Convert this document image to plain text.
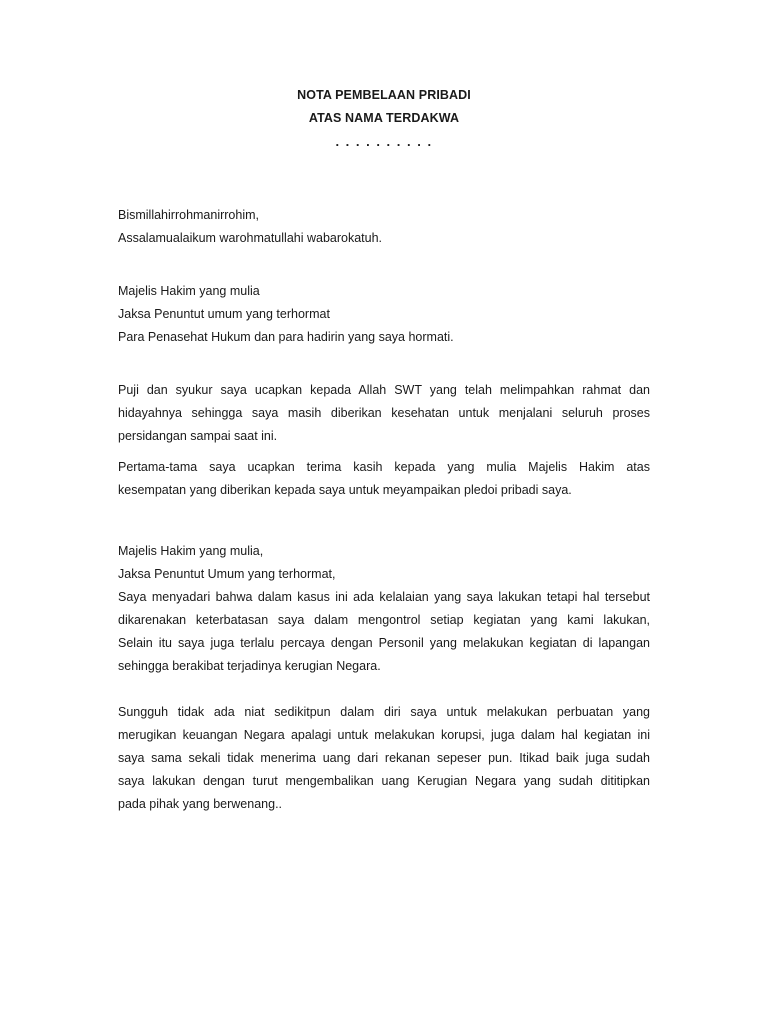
NOTA PEMBELAAN PRIBADI
ATAS NAMA TERDAKWA
. . . . . . . . . .
Bismillahirrohmanirrohim,
Assalamualaikum warohmatullahi wabarokatuh.
Majelis Hakim yang mulia
Jaksa Penuntut umum yang terhormat
Para Penasehat Hukum dan para hadirin yang saya hormati.
Puji dan syukur saya ucapkan kepada Allah SWT yang telah melimpahkan rahmat dan
hidayahnya sehingga saya masih diberikan kesehatan untuk menjalani seluruh proses
persidangan sampai saat ini.
Pertama-tama saya ucapkan terima kasih kepada yang mulia Majelis Hakim atas
kesempatan yang diberikan kepada saya untuk meyampaikan pledoi pribadi saya.
Majelis Hakim yang mulia,
Jaksa Penuntut Umum yang terhormat,
Saya menyadari bahwa dalam kasus ini ada kelalaian yang saya lakukan tetapi hal tersebut
dikarenakan keterbatasan saya dalam mengontrol setiap kegiatan yang kami lakukan,
Selain itu saya juga terlalu percaya dengan Personil yang melakukan kegiatan di lapangan
sehingga berakibat terjadinya kerugian Negara.
Sungguh tidak ada niat sedikitpun dalam diri saya untuk melakukan perbuatan yang
merugikan keuangan Negara apalagi untuk melakukan korupsi, juga dalam hal kegiatan ini
saya sama sekali tidak menerima uang dari rekanan sepeser pun. Itikad baik juga sudah
saya lakukan dengan turut mengembalikan uang Kerugian Negara yang sudah dititipkan
pada pihak yang berwenang..
